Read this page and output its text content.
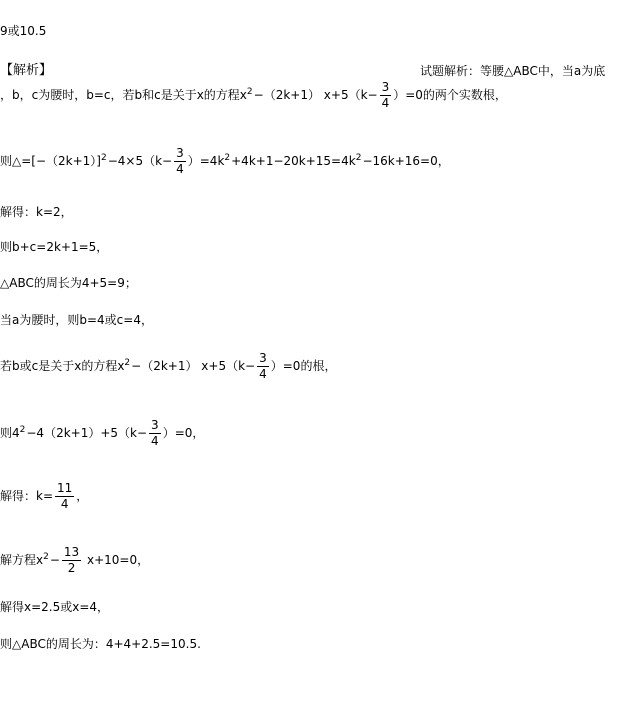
9或10.5
【解析】	试题解析：等腰△ABC中，当a为底
，b，c为腰时，b=c，若b和c是关于x的方程$x^2-(2k+1)$ $x+5(k- \frac{3}{4} )=0$的两个实数根，
则$\triangle=[-(2k+1)]^2-4\times 5(k- \frac{3}{4} )=4k^2+4k+1-20k+15=4k^2-16k+16=0$，
解得：k=2，
则b+c=2k+1=5，
△ABC的周长为4+5=9；
当a为腰时，则b=4或c=4，
若b或c是关于x的方程$x^2-(2k+1)$ $x+5(k- \frac{3}{4} )=0$的根，
则$4^2-4(2k+1)+5(k- \frac{3}{4} )=0$，
解得：$k= \frac{11}{4}$ ，
解方程$x^2- \frac{13}{2} x+10=0$，
解得x=2.5或x=4，
则△ABC的周长为：4+4+2.5=10.5.
